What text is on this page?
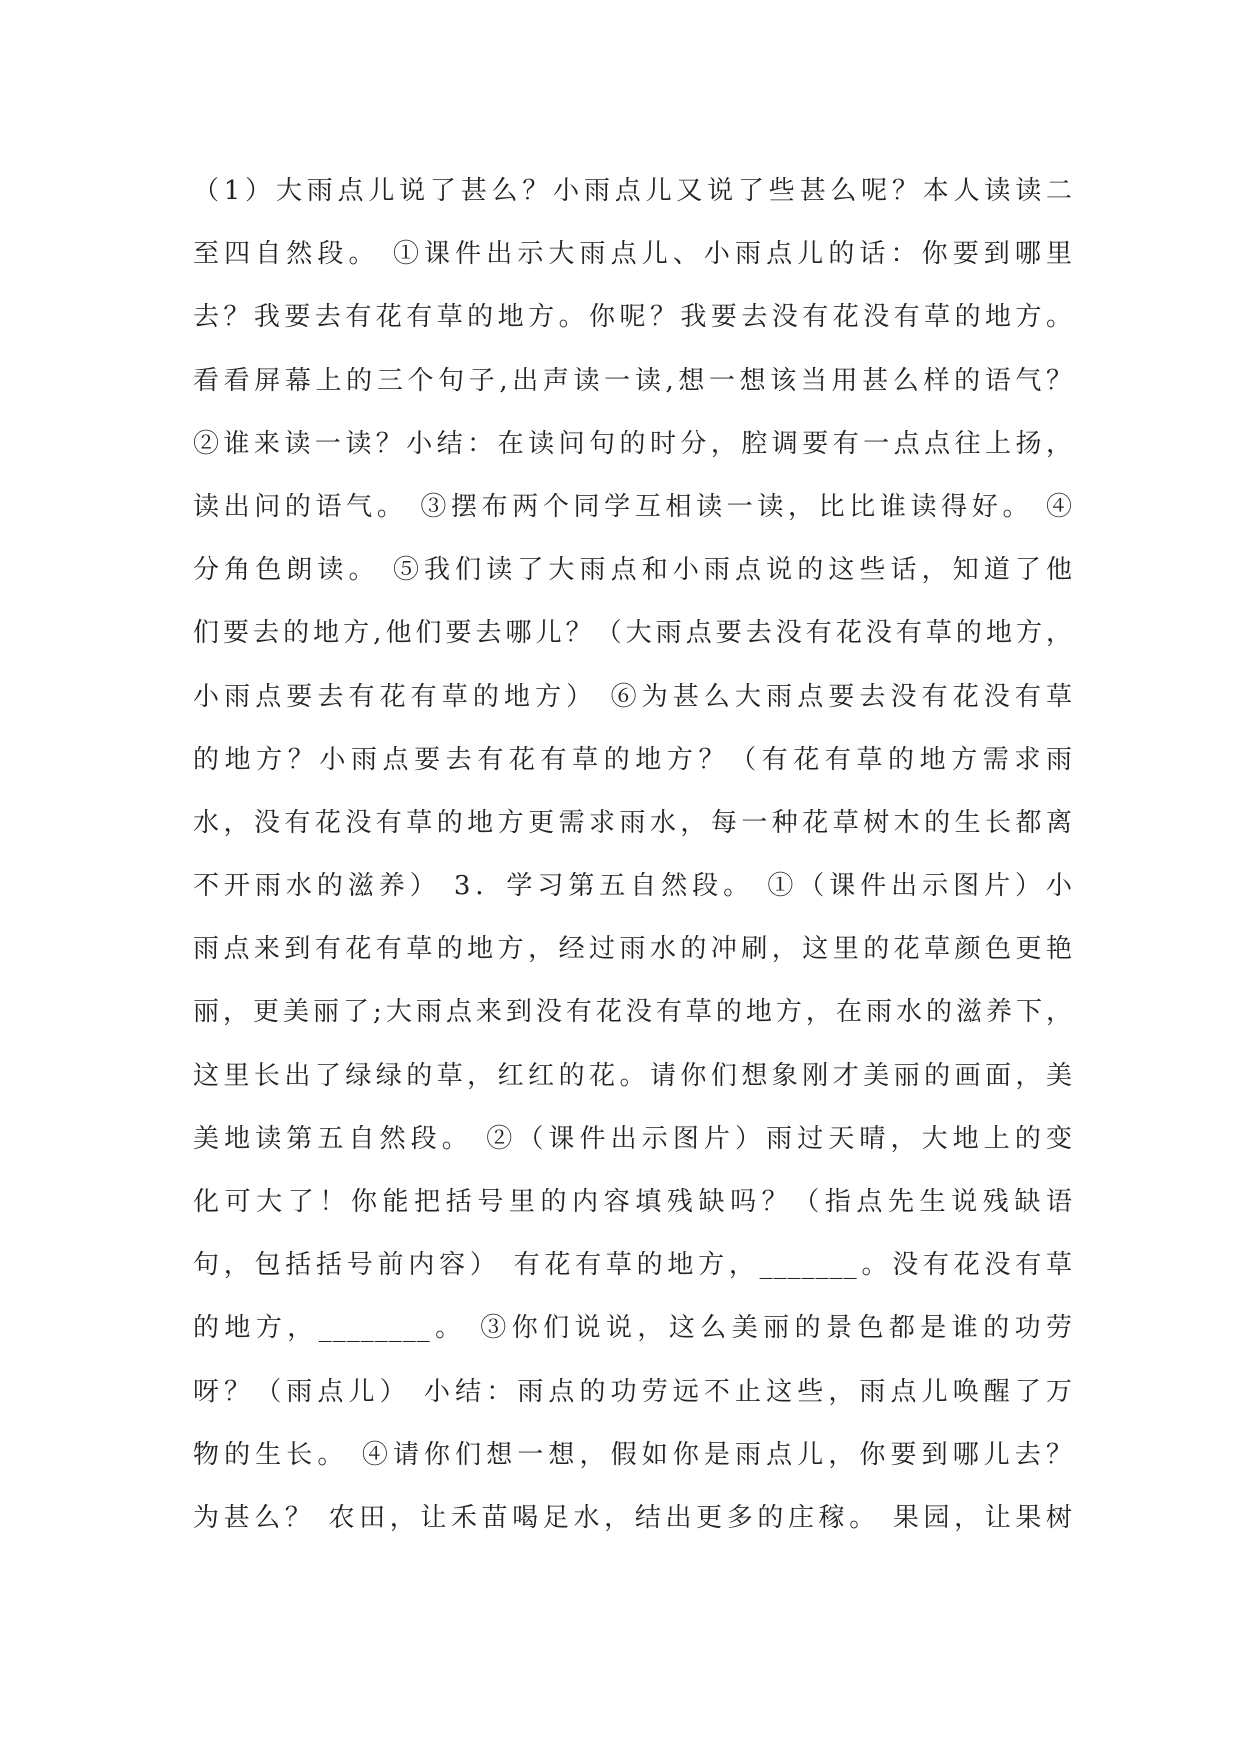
（1）大雨点儿说了甚么？小雨点儿又说了些甚么呢？本人读读二
至四自然段。 ①课件出示大雨点儿、小雨点儿的话：你要到哪里
去？我要去有花有草的地方。你呢？我要去没有花没有草的地方。
看看屏幕上的三个句子,出声读一读,想一想该当用甚么样的语气？
②谁来读一读？小结：在读问句的时分，腔调要有一点点往上扬，
读出问的语气。 ③摆布两个同学互相读一读，比比谁读得好。 ④
分角色朗读。 ⑤我们读了大雨点和小雨点说的这些话，知道了他
们要去的地方,他们要去哪儿？（大雨点要去没有花没有草的地方，
小雨点要去有花有草的地方） ⑥为甚么大雨点要去没有花没有草
的地方？小雨点要去有花有草的地方？（有花有草的地方需求雨
水，没有花没有草的地方更需求雨水，每一种花草树木的生长都离
不开雨水的滋养） 3．学习第五自然段。 ①（课件出示图片）小
雨点来到有花有草的地方，经过雨水的冲刷，这里的花草颜色更艳
丽，更美丽了;大雨点来到没有花没有草的地方，在雨水的滋养下，
这里长出了绿绿的草，红红的花。请你们想象刚才美丽的画面，美
美地读第五自然段。 ②（课件出示图片）雨过天晴，大地上的变
化可大了！你能把括号里的内容填残缺吗？（指点先生说残缺语
句，包括括号前内容） 有花有草的地方，_______。没有花没有草
的地方，________。 ③你们说说，这么美丽的景色都是谁的功劳
呀？（雨点儿） 小结：雨点的功劳远不止这些，雨点儿唤醒了万
物的生长。 ④请你们想一想，假如你是雨点儿，你要到哪儿去？
为甚么？ 农田，让禾苗喝足水，结出更多的庄稼。 果园，让果树
